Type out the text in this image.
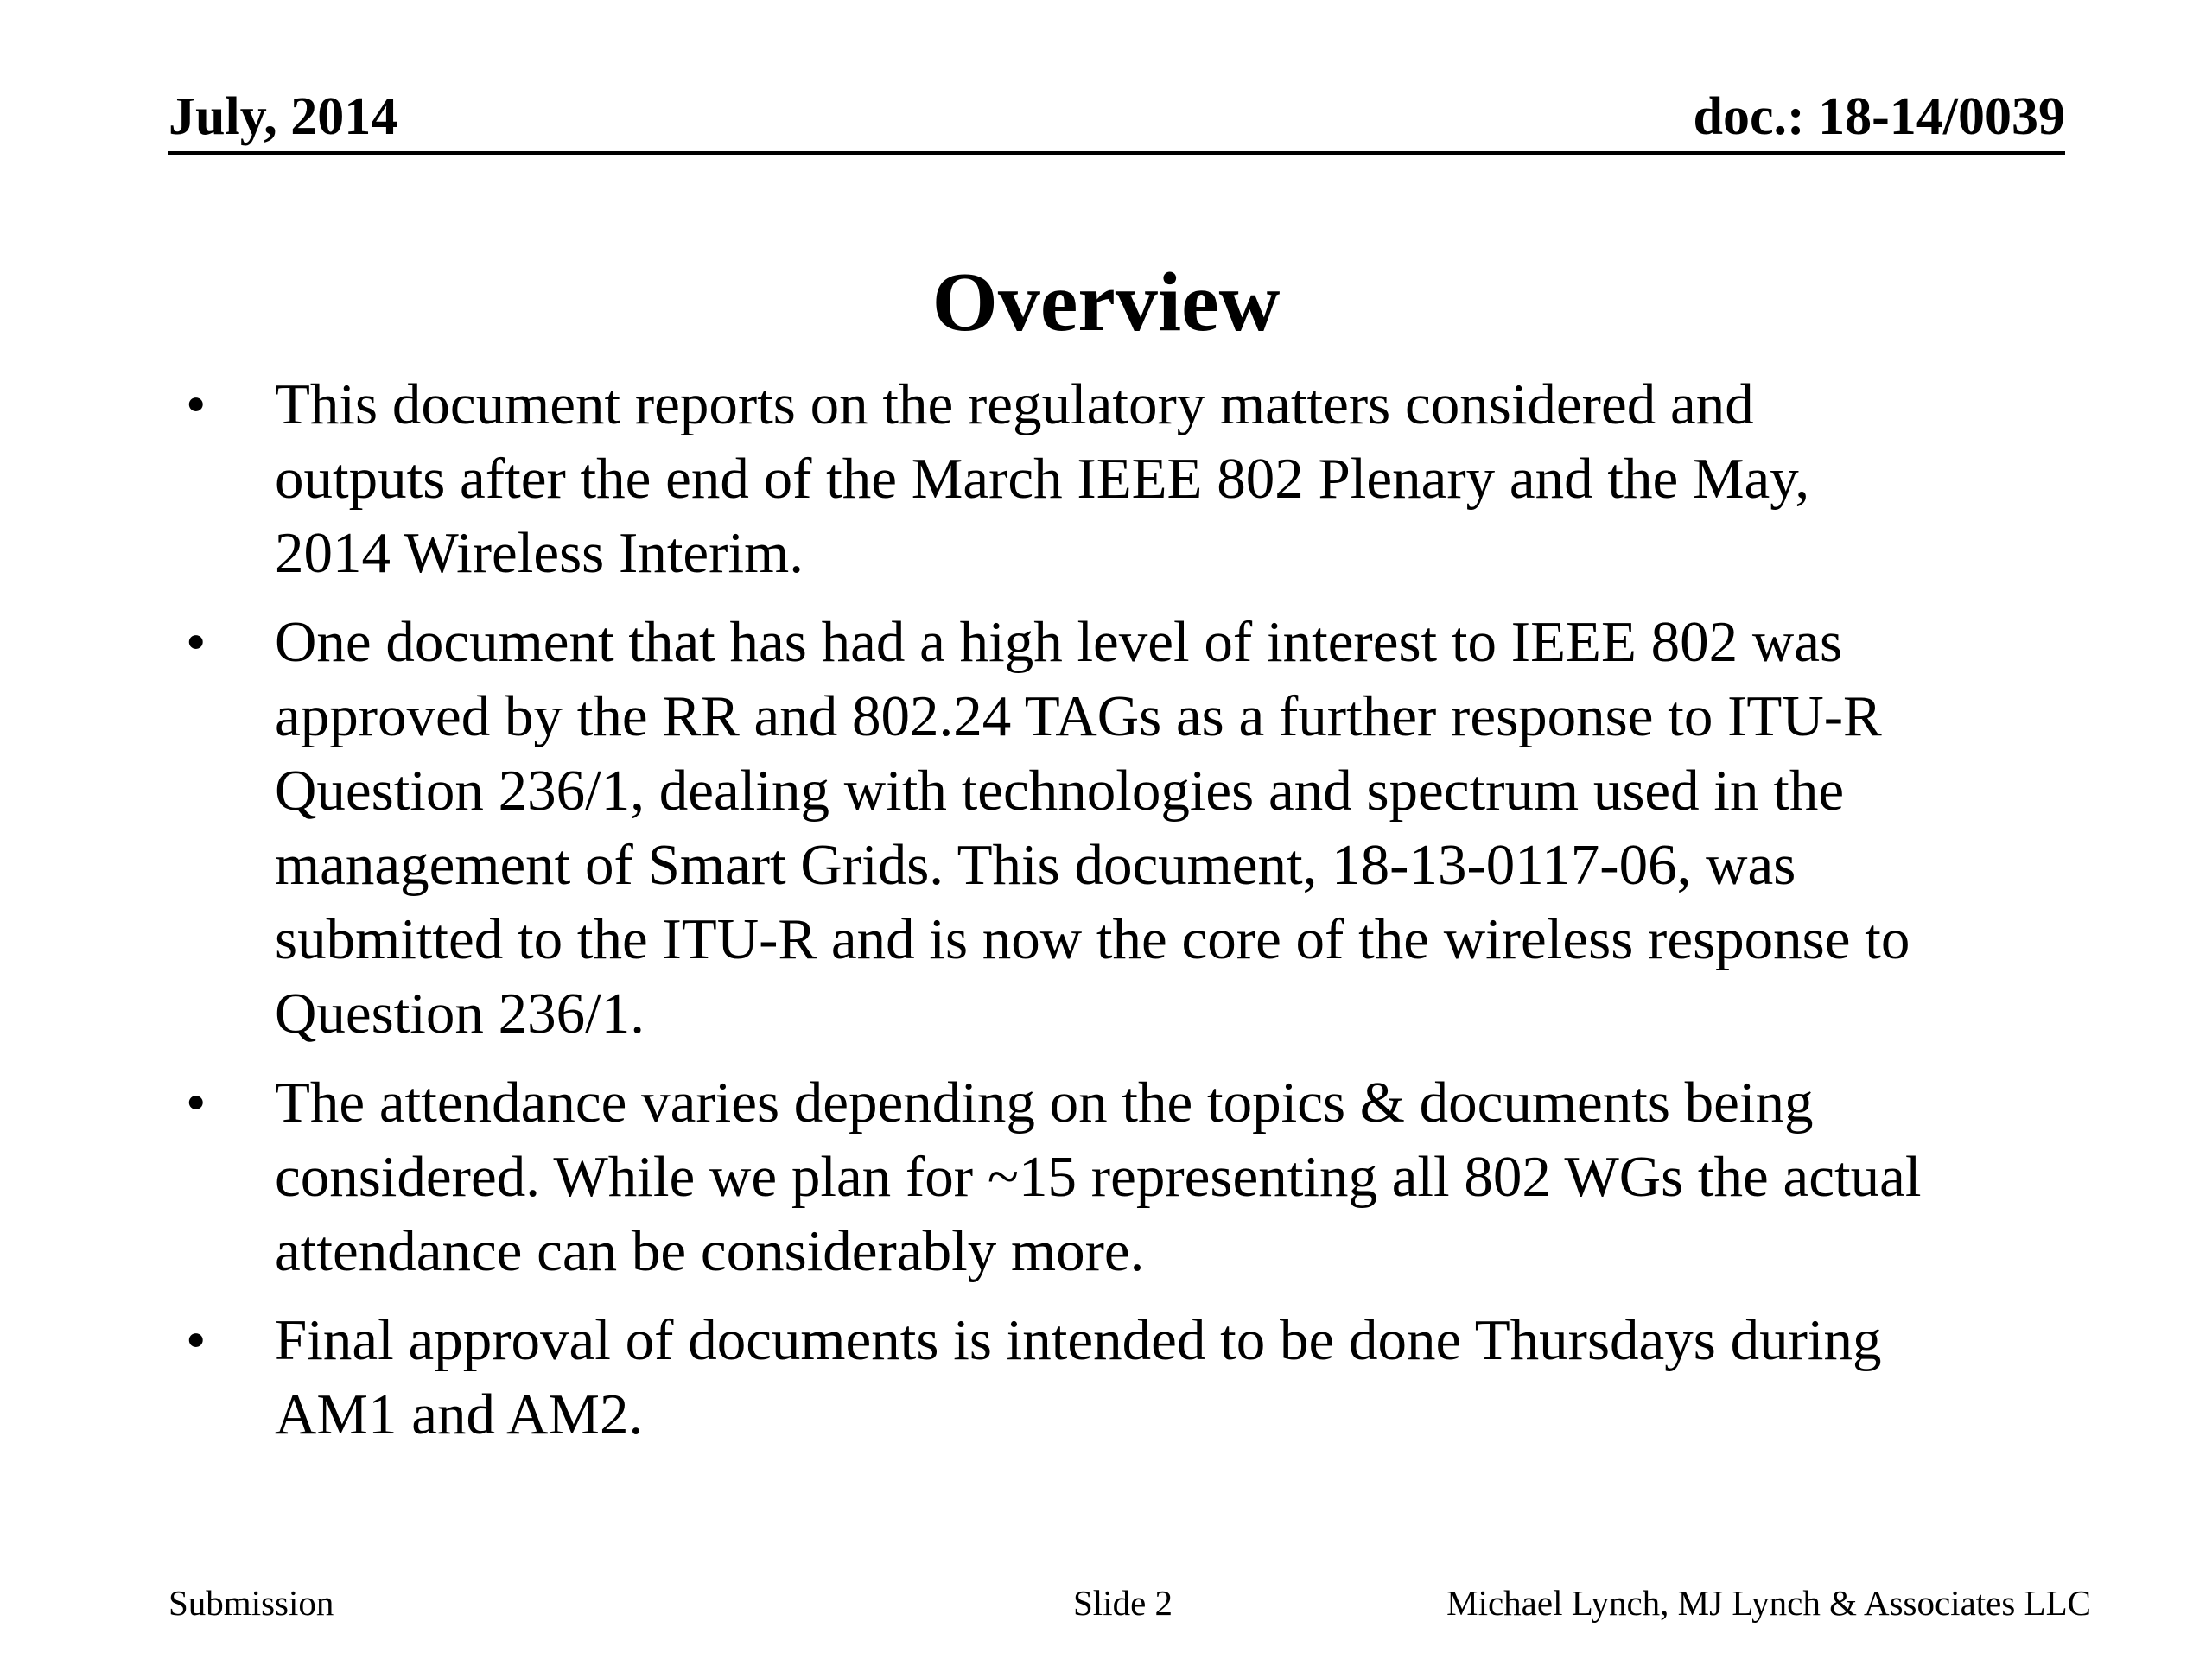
July, 2014	doc.: 18-14/0039
Overview
• This document reports on the regulatory matters considered and
outputs after the end of the March IEEE 802 Plenary and the May,
2014 Wireless Interim.
• One document that has had a high level of interest to IEEE 802 was
approved by the RR and 802.24 TAGs as a further response to ITU-R
Question 236/1, dealing with technologies and spectrum used in the
management of Smart Grids. This document, 18-13-0117-06, was
submitted to the ITU-R and is now the core of the wireless response to
Question 236/1.
• The attendance varies depending on the topics & documents being
considered. While we plan for ~15 representing all 802 WGs the actual
attendance can be considerably more.
• Final approval of documents is intended to be done Thursdays during
AM1 and AM2.
Submission	Slide 2	Michael Lynch, MJ Lynch & Associates LLC
